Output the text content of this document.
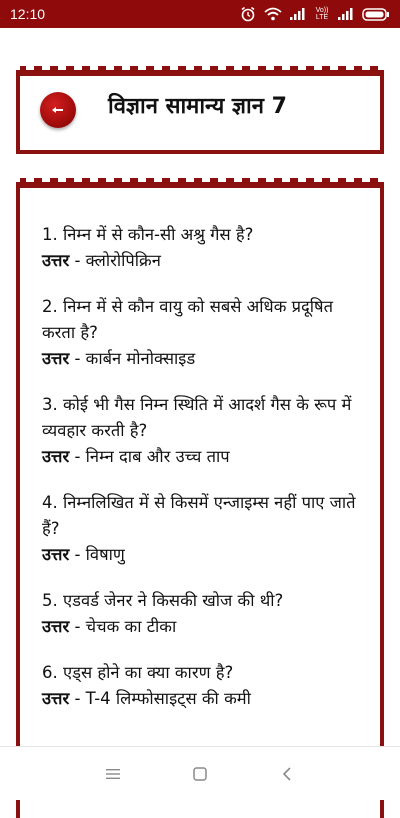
12:10	Vo)) LTE
विज्ञान सामान्य ज्ञान 7
1. निम्न में से कौन-सी अश्रु गैस है?
उत्तर - क्लोरोपिक्रिन
2. निम्न में से कौन वायु को सबसे अधिक प्रदूषित करता है?
उत्तर - कार्बन मोनोक्साइड
3. कोई भी गैस निम्न स्थिति में आदर्श गैस के रूप में व्यवहार करती है?
उत्तर - निम्न दाब और उच्च ताप
4. निम्नलिखित में से किसमें एन्जाइम्स नहीं पाए जाते हैं?
उत्तर - विषाणु
5. एडवर्ड जेनर ने किसकी खोज की थी?
उत्तर - चेचक का टीका
6. एड्स होने का क्या कारण है?
उत्तर - T-4 लिम्फोसाइट्स की कमी
